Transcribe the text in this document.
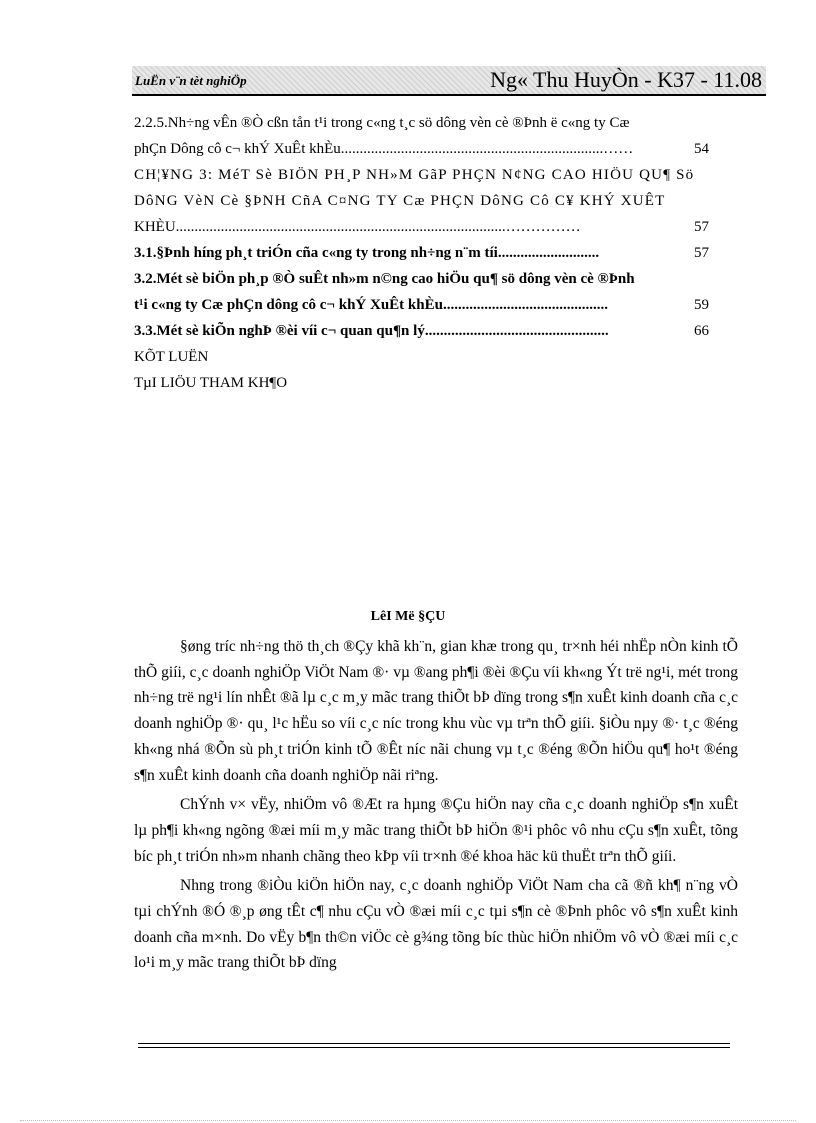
LuËn v¨n tèt nghiÖp	Ng« Thu HuyÒn - K37 - 11.08
2.2.5.Nh÷ng vÊn ®Ò cßn tån t¹i trong c«ng t¸c sö dông vèn cè ®Þnh ë c«ng ty Cæ
phÇn Dông cô c¬ khÝ XuÊt khÈu......................................................................……	54
CH¦¥NG 3: MéT Sè BIÖN PH¸P NH»M GãP PHÇN N¢NG CAO HIÖU QU¶ Sö
DôNG VèN Cè §ÞNH CñA C¤NG TY Cæ PHÇN DôNG Cô C¥ KHÝ XUÊT
KHÈU........................................................................................……………	57
3.1.§Þnh híng ph¸t triÓn cña c«ng ty trong nh÷ng n¨m tíi...........................	57
3.2.Mét sè biÖn ph¸p ®Ò suÊt nh»m n©ng cao hiÖu qu¶ sö dông vèn cè ®Þnh
t¹i c«ng ty Cæ phÇn dông cô c¬ khÝ XuÊt khÈu............................................	59
3.3.Mét sè kiÕn nghÞ ®èi víi c¬ quan qu¶n lý.................................................	66
KÕT LUËN
TµI LIÖU THAM KH¶O
LêI Më §ÇU

§øng tríc nh÷ng thö th¸ch ®Çy khã kh¨n, gian khæ trong qu¸ tr×nh héi nhËp nÒn kinh tÕ thÕ giíi, c¸c doanh nghiÖp ViÖt Nam ®· vµ ®ang ph¶i ®èi ®Çu víi kh«ng Ýt trë ng¹i, mét trong nh÷ng trë ng¹i lín nhÊt ®ã lµ c¸c m¸y mãc trang thiÕt bÞ dïng trong s¶n xuÊt kinh doanh cña c¸c doanh nghiÖp ®· qu¸ l¹c hËu so víi c¸c níc trong khu vùc vµ trªn thÕ giíi. §iÒu nµy ®· t¸c ®éng kh«ng nhá ®Õn sù ph¸t triÓn kinh tÕ ®Êt níc nãi chung vµ t¸c ®éng ®Õn hiÖu qu¶ ho¹t ®éng s¶n xuÊt kinh doanh cña doanh nghiÖp nãi riªng.

ChÝnh v× vËy, nhiÖm vô ®Æt ra hµng ®Çu hiÖn nay cña c¸c doanh nghiÖp s¶n xuÊt lµ ph¶i kh«ng ngõng ®æi míi m¸y mãc trang thiÕt bÞ hiÖn ®¹i phôc vô nhu cÇu s¶n xuÊt, tõng bíc ph¸t triÓn nh»m nhanh chãng theo kÞp víi tr×nh ®é khoa häc kü thuËt trªn thÕ giíi.

Nhng trong ®iÒu kiÖn hiÖn nay, c¸c doanh nghiÖp ViÖt Nam cha cã ®ñ kh¶ n¨ng vÒ tµi chÝnh ®Ó ®¸p øng tÊt c¶ nhu cÇu vÒ ®æi míi c¸c tµi s¶n cè ®Þnh phôc vô s¶n xuÊt kinh doanh cña m×nh. Do vËy b¶n th©n viÖc cè g¾ng tõng bíc thùc hiÖn nhiÖm vô vÒ ®æi míi c¸c lo¹i m¸y mãc trang thiÕt bÞ dïng
